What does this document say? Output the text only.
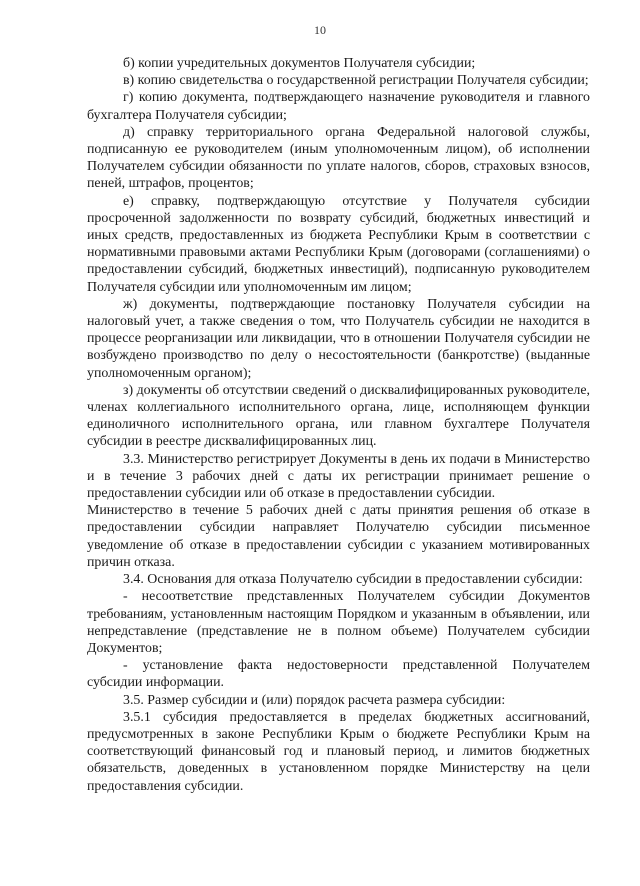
10

б) копии учредительных документов Получателя субсидии;

в) копию свидетельства о государственной регистрации Получателя субсидии;

г) копию документа, подтверждающего назначение руководителя и главного бухгалтера Получателя субсидии;

д) справку территориального органа Федеральной налоговой службы, подписанную ее руководителем (иным уполномоченным лицом), об исполнении Получателем субсидии обязанности по уплате налогов, сборов, страховых взносов, пеней, штрафов, процентов;

е) справку, подтверждающую отсутствие у Получателя субсидии просроченной задолженности по возврату субсидий, бюджетных инвестиций и иных средств, предоставленных из бюджета Республики Крым в соответствии с нормативными правовыми актами Республики Крым (договорами (соглашениями) о предоставлении субсидий, бюджетных инвестиций), подписанную руководителем Получателя субсидии или уполномоченным им лицом;

ж) документы, подтверждающие постановку Получателя субсидии на налоговый учет, а также сведения о том, что Получатель субсидии не находится в процессе реорганизации или ликвидации, что в отношении Получателя субсидии не возбуждено производство по делу о несостоятельности (банкротстве) (выданные уполномоченным органом);

з) документы об отсутствии сведений о дисквалифицированных руководителе, членах коллегиального исполнительного органа, лице, исполняющем функции единоличного исполнительного органа, или главном бухгалтере Получателя субсидии в реестре дисквалифицированных лиц.

3.3. Министерство регистрирует Документы в день их подачи в Министерство и в течение 3 рабочих дней с даты их регистрации принимает решение о предоставлении субсидии или об отказе в предоставлении субсидии.

Министерство в течение 5 рабочих дней с даты принятия решения об отказе в предоставлении субсидии направляет Получателю субсидии письменное уведомление об отказе в предоставлении субсидии с указанием мотивированных причин отказа.

3.4. Основания для отказа Получателю субсидии в предоставлении субсидии:

- несоответствие представленных Получателем субсидии Документов требованиям, установленным настоящим Порядком и указанным в объявлении, или непредставление (представление не в полном объеме) Получателем субсидии Документов;

- установление факта недостоверности представленной Получателем субсидии информации.

3.5. Размер субсидии и (или) порядок расчета размера субсидии:

3.5.1 субсидия предоставляется в пределах бюджетных ассигнований, предусмотренных в законе Республики Крым о бюджете Республики Крым на соответствующий финансовый год и плановый период, и лимитов бюджетных обязательств, доведенных в установленном порядке Министерству на цели предоставления субсидии.
